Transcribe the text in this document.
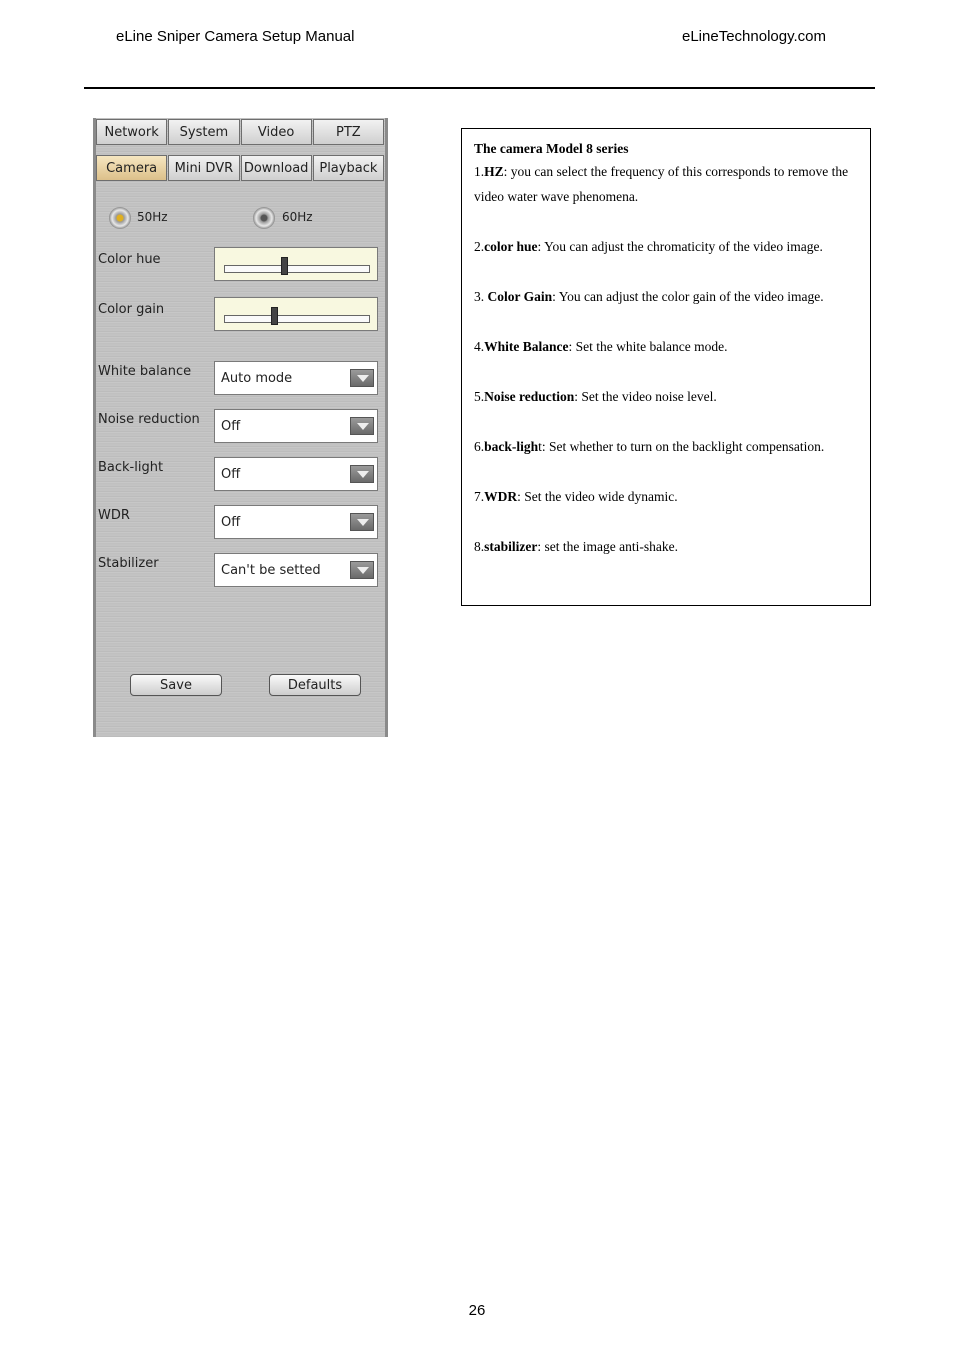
eLine Sniper Camera Setup Manual	eLineTechnology.com
Network	System	Video	PTZ
Camera	Mini DVR Download Playback
50Hz	60Hz
Color hue
Color gain
White balance Auto mode
Noise reduction Off
Back-light	Off
WDR	Off
Stabilizer	Can't be setted
Save	Defaults

The camera Model 8 series

1.HZ: you can select the frequency of this corresponds to remove the video water wave phenomena.

2.color hue: You can adjust the chromaticity of the video image.

3. Color Gain: You can adjust the color gain of the video image.

4.White Balance: Set the white balance mode.

5.Noise reduction: Set the video noise level.

6.back-light: Set whether to turn on the backlight compensation.

7.WDR: Set the video wide dynamic.

8.stabilizer: set the image anti-shake.

26
